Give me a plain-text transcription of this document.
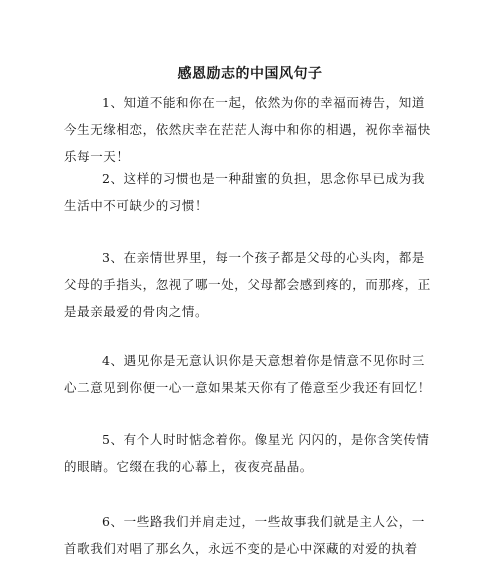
感恩励志的中国风句子

1、知道不能和你在一起，依然为你的幸福而祷告，知道今生无缘相恋，依然庆幸在茫茫人海中和你的相遇，祝你幸福快乐每一天！

2、这样的习惯也是一种甜蜜的负担，思念你早已成为我生活中不可缺少的习惯！

3、在亲情世界里，每一个孩子都是父母的心头肉，都是父母的手指头，忽视了哪一处，父母都会感到疼的，而那疼，正是最亲最爱的骨肉之情。

4、遇见你是无意认识你是天意想着你是情意不见你时三心二意见到你便一心一意如果某天你有了倦意至少我还有回忆！

5、有个人时时惦念着你。像星光 闪闪的，是你含笑传情的眼睛。它缀在我的心幕上，夜夜亮晶晶。

6、一些路我们并肩走过，一些故事我们就是主人公，一首歌我们对唱了那幺久，永远不变的是心中深藏的对爱的执着
